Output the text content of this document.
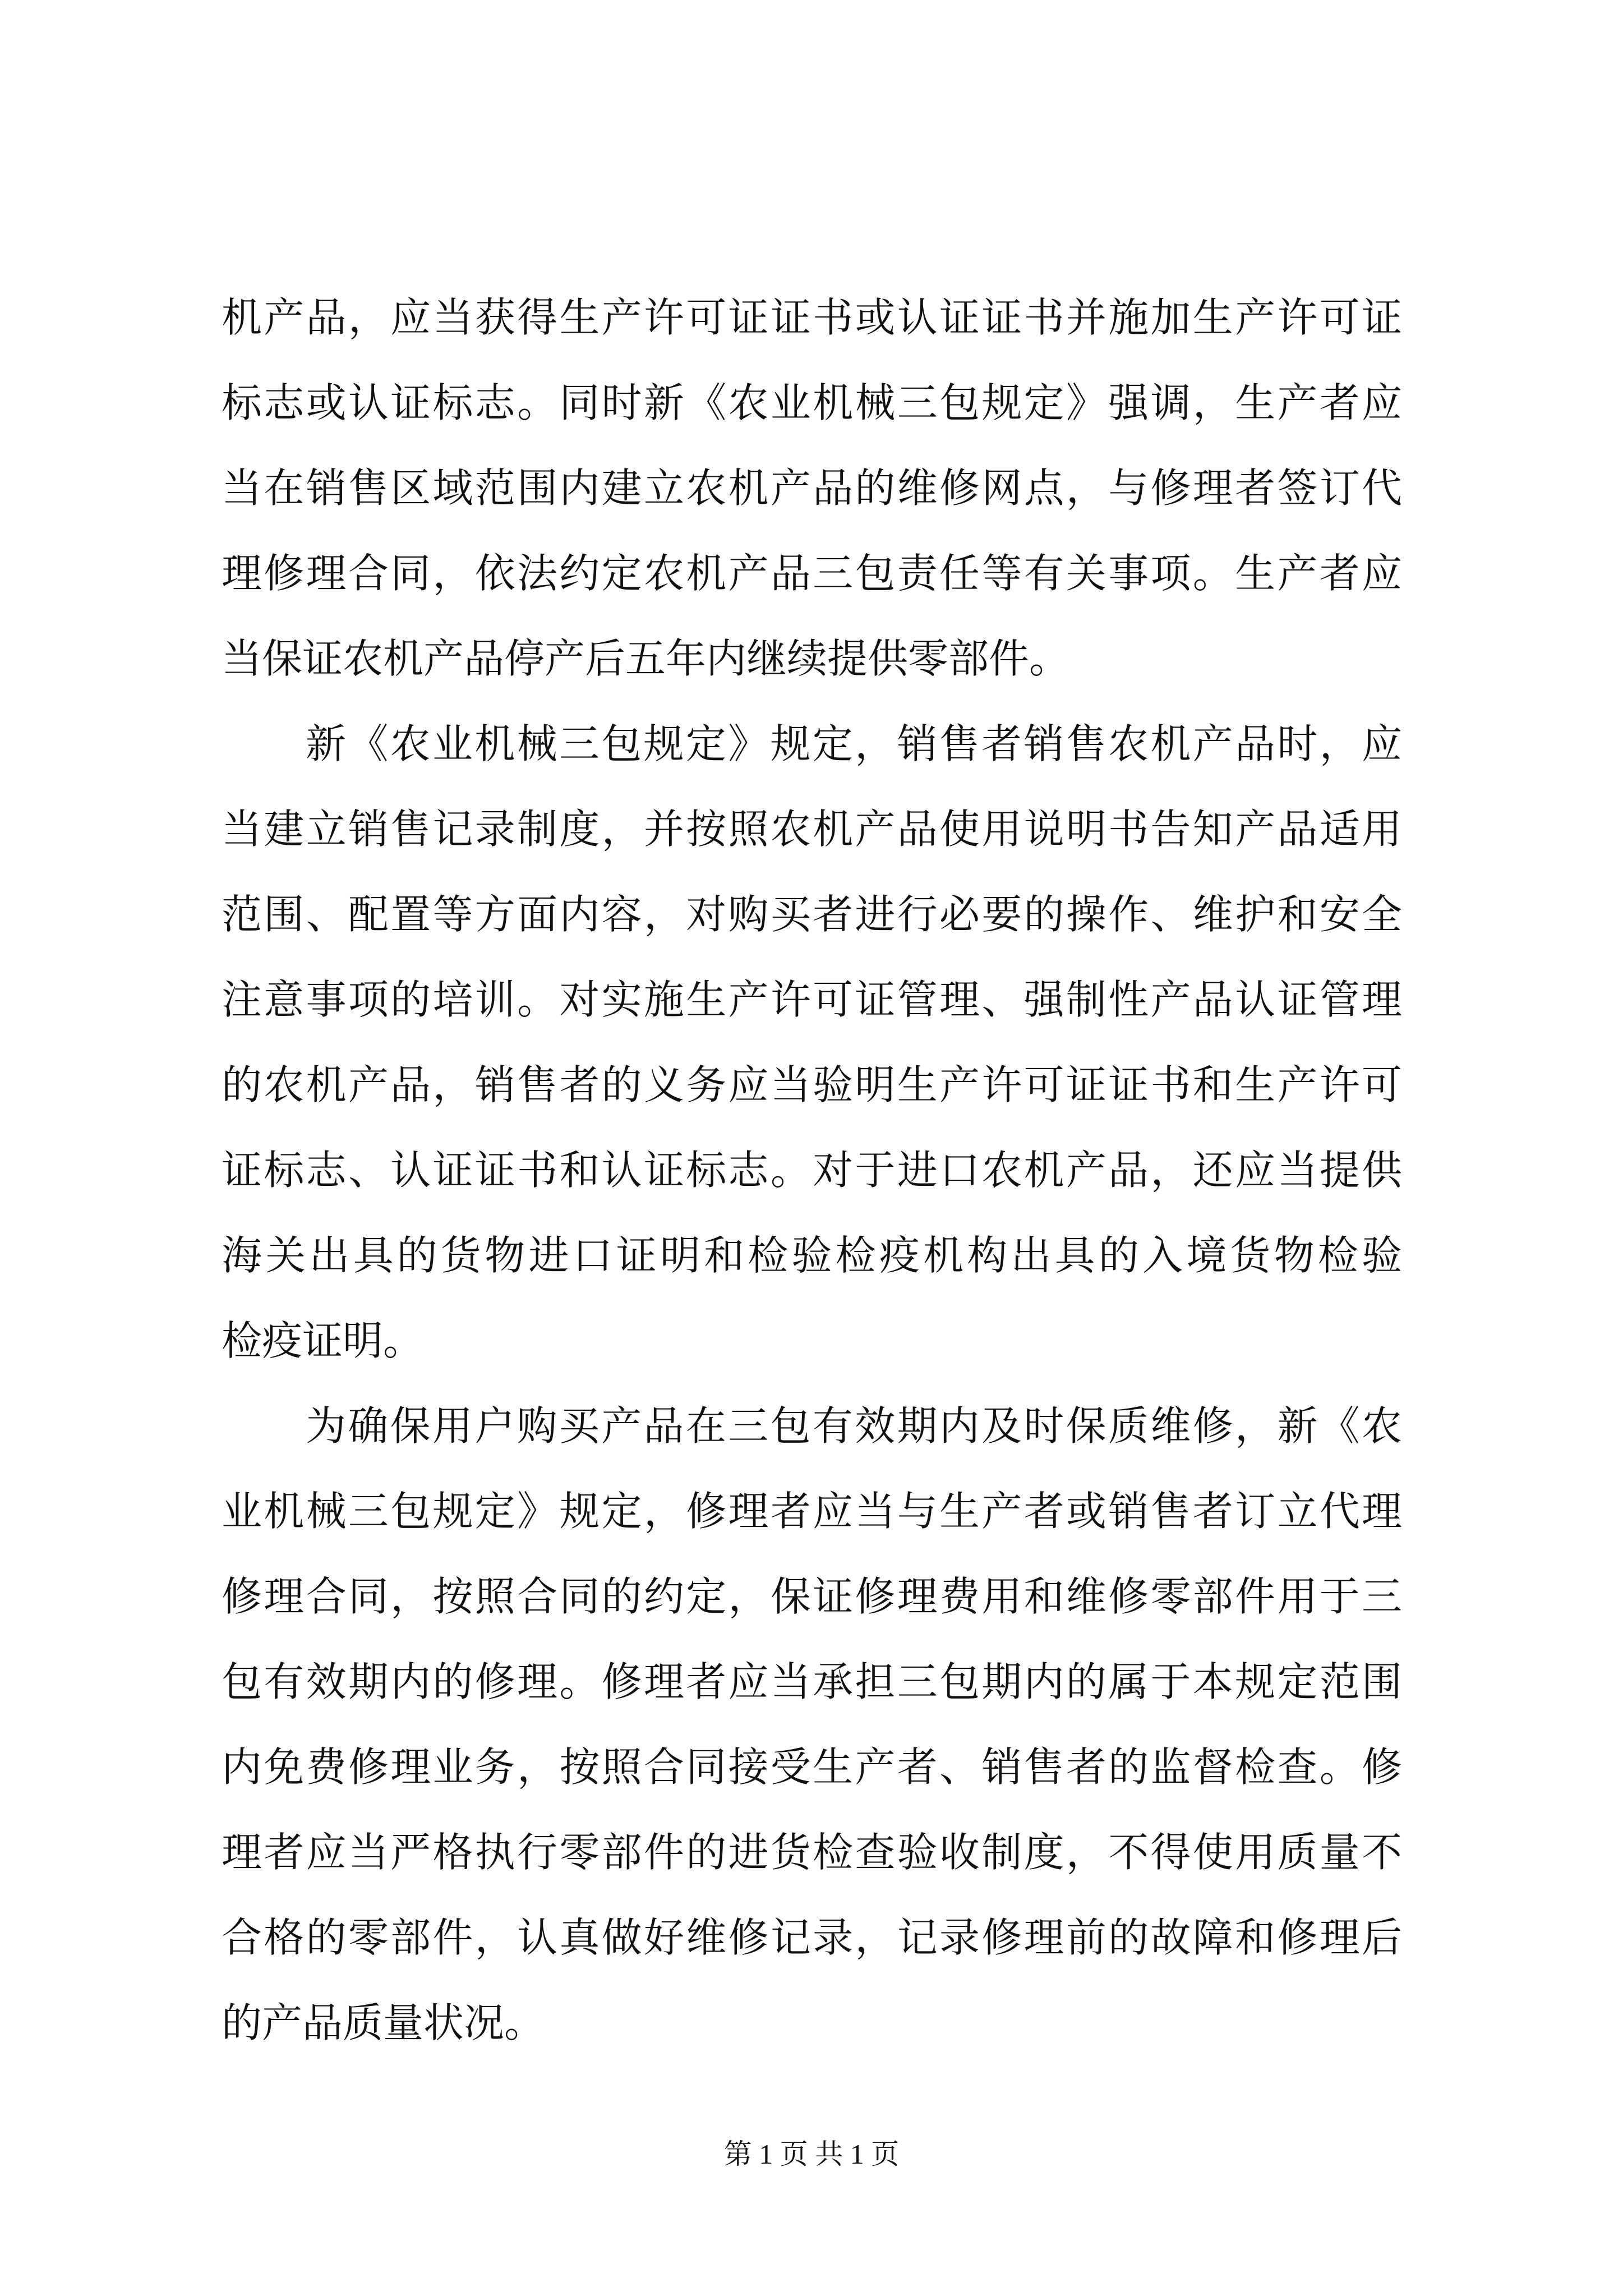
机产品，应当获得生产许可证证书或认证证书并施加生产许可证
标志或认证标志。同时新《农业机械三包规定》强调，生产者应
当在销售区域范围内建立农机产品的维修网点，与修理者签订代
理修理合同，依法约定农机产品三包责任等有关事项。生产者应
当保证农机产品停产后五年内继续提供零部件。
新《农业机械三包规定》规定，销售者销售农机产品时，应
当建立销售记录制度，并按照农机产品使用说明书告知产品适用
范围、配置等方面内容，对购买者进行必要的操作、维护和安全
注意事项的培训。对实施生产许可证管理、强制性产品认证管理
的农机产品，销售者的义务应当验明生产许可证证书和生产许可
证标志、认证证书和认证标志。对于进口农机产品，还应当提供
海关出具的货物进口证明和检验检疫机构出具的入境货物检验
检疫证明。
为确保用户购买产品在三包有效期内及时保质维修，新《农
业机械三包规定》规定，修理者应当与生产者或销售者订立代理
修理合同，按照合同的约定，保证修理费用和维修零部件用于三
包有效期内的修理。修理者应当承担三包期内的属于本规定范围
内免费修理业务，按照合同接受生产者、销售者的监督检查。修
理者应当严格执行零部件的进货检查验收制度，不得使用质量不
合格的零部件，认真做好维修记录，记录修理前的故障和修理后
的产品质量状况。
第 1 页 共 1 页
